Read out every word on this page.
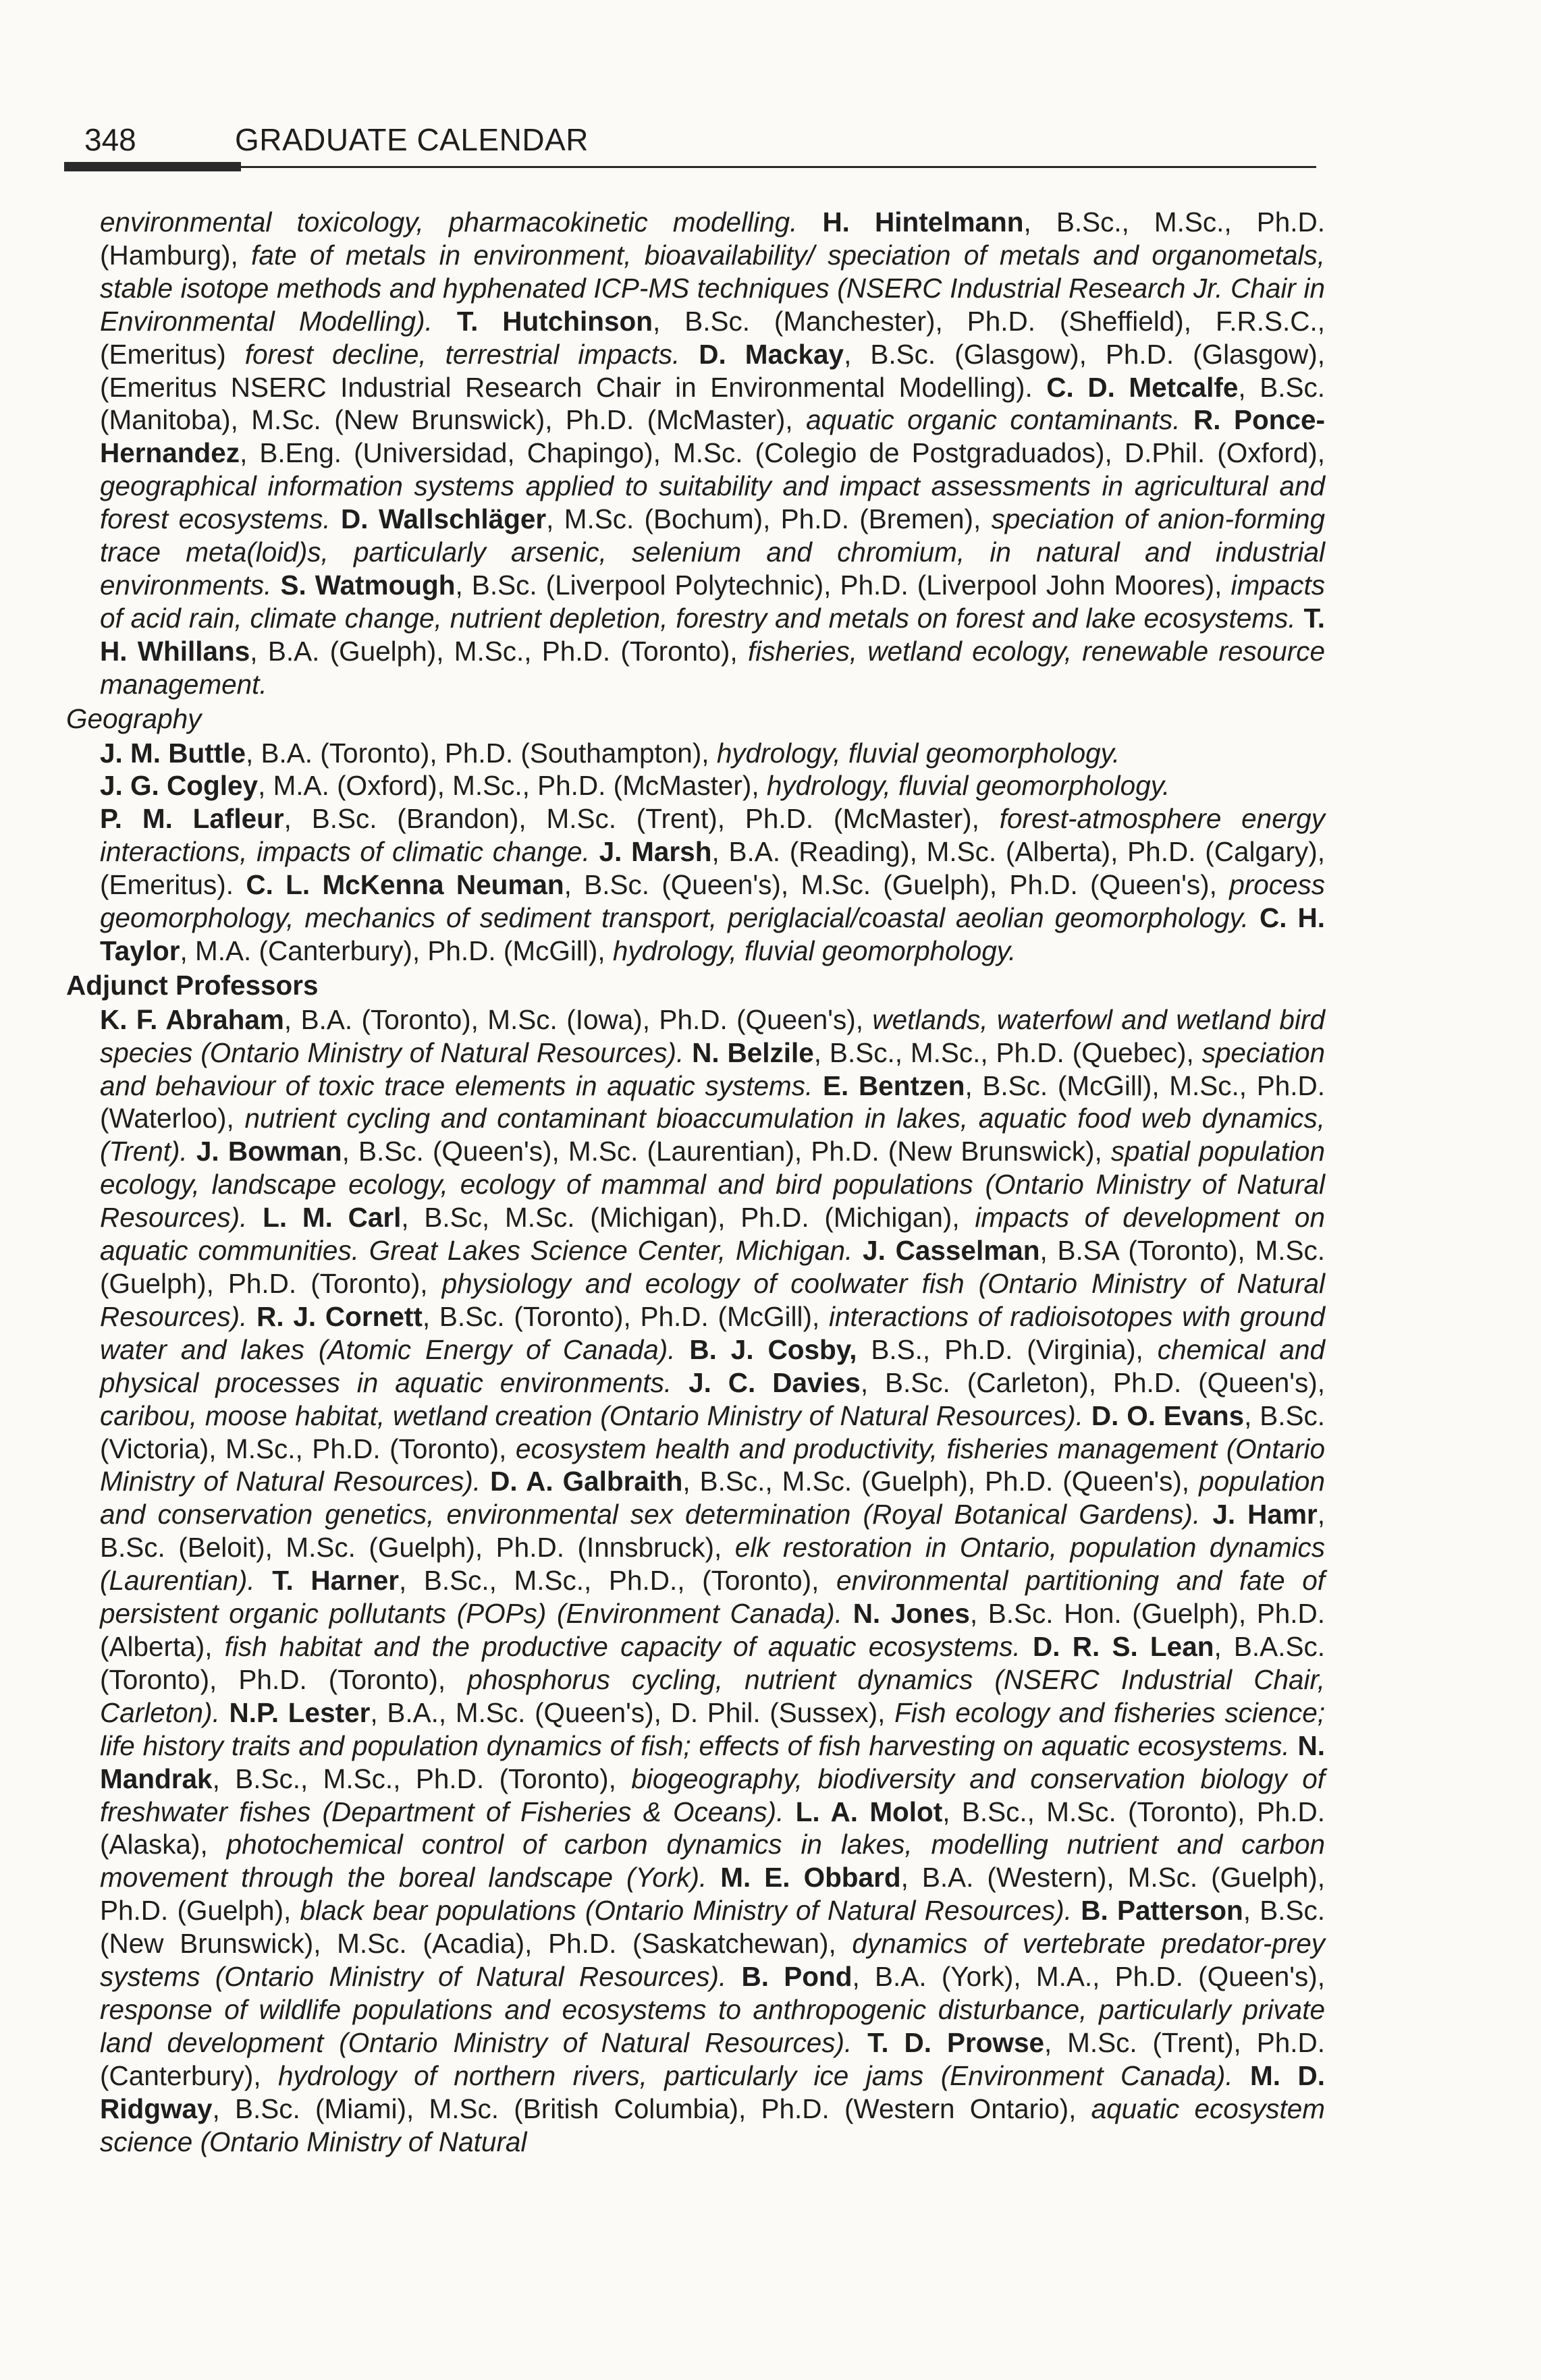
348	GRADUATE CALENDAR
environmental toxicology, pharmacokinetic modelling. H. Hintelmann, B.Sc., M.Sc., Ph.D. (Hamburg), fate of metals in environment, bioavailability/ speciation of metals and organometals, stable isotope methods and hyphenated ICP-MS techniques (NSERC Industrial Research Jr. Chair in Environmental Modelling). T. Hutchinson, B.Sc. (Manchester), Ph.D. (Sheffield), F.R.S.C., (Emeritus) forest decline, terrestrial impacts. D. Mackay, B.Sc. (Glasgow), Ph.D. (Glasgow), (Emeritus NSERC Industrial Research Chair in Environmental Modelling). C. D. Metcalfe, B.Sc. (Manitoba), M.Sc. (New Brunswick), Ph.D. (McMaster), aquatic organic contaminants. R. Ponce-Hernandez, B.Eng. (Universidad, Chapingo), M.Sc. (Colegio de Postgraduados), D.Phil. (Oxford), geographical information systems applied to suitability and impact assessments in agricultural and forest ecosystems. D. Wallschläger, M.Sc. (Bochum), Ph.D. (Bremen), speciation of anion-forming trace meta(loid)s, particularly arsenic, selenium and chromium, in natural and industrial environments. S. Watmough, B.Sc. (Liverpool Polytechnic), Ph.D. (Liverpool John Moores), impacts of acid rain, climate change, nutrient depletion, forestry and metals on forest and lake ecosystems. T. H. Whillans, B.A. (Guelph), M.Sc., Ph.D. (Toronto), fisheries, wetland ecology, renewable resource management.
Geography
J. M. Buttle, B.A. (Toronto), Ph.D. (Southampton), hydrology, fluvial geomorphology.
J. G. Cogley, M.A. (Oxford), M.Sc., Ph.D. (McMaster), hydrology, fluvial geomorphology.
P. M. Lafleur, B.Sc. (Brandon), M.Sc. (Trent), Ph.D. (McMaster), forest-atmosphere energy interactions, impacts of climatic change. J. Marsh, B.A. (Reading), M.Sc. (Alberta), Ph.D. (Calgary), (Emeritus). C. L. McKenna Neuman, B.Sc. (Queen's), M.Sc. (Guelph), Ph.D. (Queen's), process geomorphology, mechanics of sediment transport, periglacial/coastal aeolian geomorphology. C. H. Taylor, M.A. (Canterbury), Ph.D. (McGill), hydrology, fluvial geomorphology.
Adjunct Professors
K. F. Abraham, B.A. (Toronto), M.Sc. (Iowa), Ph.D. (Queen's), wetlands, waterfowl and wetland bird species (Ontario Ministry of Natural Resources). N. Belzile, B.Sc., M.Sc., Ph.D. (Quebec), speciation and behaviour of toxic trace elements in aquatic systems. E. Bentzen, B.Sc. (McGill), M.Sc., Ph.D. (Waterloo), nutrient cycling and contaminant bioaccumulation in lakes, aquatic food web dynamics, (Trent). J. Bowman, B.Sc. (Queen's), M.Sc. (Laurentian), Ph.D. (New Brunswick), spatial population ecology, landscape ecology, ecology of mammal and bird populations (Ontario Ministry of Natural Resources). L. M. Carl, B.Sc, M.Sc. (Michigan), Ph.D. (Michigan), impacts of development on aquatic communities. Great Lakes Science Center, Michigan. J. Casselman, B.SA (Toronto), M.Sc. (Guelph), Ph.D. (Toronto), physiology and ecology of coolwater fish (Ontario Ministry of Natural Resources). R. J. Cornett, B.Sc. (Toronto), Ph.D. (McGill), interactions of radioisotopes with ground water and lakes (Atomic Energy of Canada). B. J. Cosby, B.S., Ph.D. (Virginia), chemical and physical processes in aquatic environments. J. C. Davies, B.Sc. (Carleton), Ph.D. (Queen's), caribou, moose habitat, wetland creation (Ontario Ministry of Natural Resources). D. O. Evans, B.Sc. (Victoria), M.Sc., Ph.D. (Toronto), ecosystem health and productivity, fisheries management (Ontario Ministry of Natural Resources). D. A. Galbraith, B.Sc., M.Sc. (Guelph), Ph.D. (Queen's), population and conservation genetics, environmental sex determination (Royal Botanical Gardens). J. Hamr, B.Sc. (Beloit), M.Sc. (Guelph), Ph.D. (Innsbruck), elk restoration in Ontario, population dynamics (Laurentian). T. Harner, B.Sc., M.Sc., Ph.D., (Toronto), environmental partitioning and fate of persistent organic pollutants (POPs) (Environment Canada). N. Jones, B.Sc. Hon. (Guelph), Ph.D. (Alberta), fish habitat and the productive capacity of aquatic ecosystems. D. R. S. Lean, B.A.Sc. (Toronto), Ph.D. (Toronto), phosphorus cycling, nutrient dynamics (NSERC Industrial Chair, Carleton). N.P. Lester, B.A., M.Sc. (Queen's), D. Phil. (Sussex), Fish ecology and fisheries science; life history traits and population dynamics of fish; effects of fish harvesting on aquatic ecosystems. N. Mandrak, B.Sc., M.Sc., Ph.D. (Toronto), biogeography, biodiversity and conservation biology of freshwater fishes (Department of Fisheries & Oceans). L. A. Molot, B.Sc., M.Sc. (Toronto), Ph.D. (Alaska), photochemical control of carbon dynamics in lakes, modelling nutrient and carbon movement through the boreal landscape (York). M. E. Obbard, B.A. (Western), M.Sc. (Guelph), Ph.D. (Guelph), black bear populations (Ontario Ministry of Natural Resources). B. Patterson, B.Sc. (New Brunswick), M.Sc. (Acadia), Ph.D. (Saskatchewan), dynamics of vertebrate predator-prey systems (Ontario Ministry of Natural Resources). B. Pond, B.A. (York), M.A., Ph.D. (Queen's), response of wildlife populations and ecosystems to anthropogenic disturbance, particularly private land development (Ontario Ministry of Natural Resources). T. D. Prowse, M.Sc. (Trent), Ph.D. (Canterbury), hydrology of northern rivers, particularly ice jams (Environment Canada). M. D. Ridgway, B.Sc. (Miami), M.Sc. (British Columbia), Ph.D. (Western Ontario), aquatic ecosystem science (Ontario Ministry of Natural
